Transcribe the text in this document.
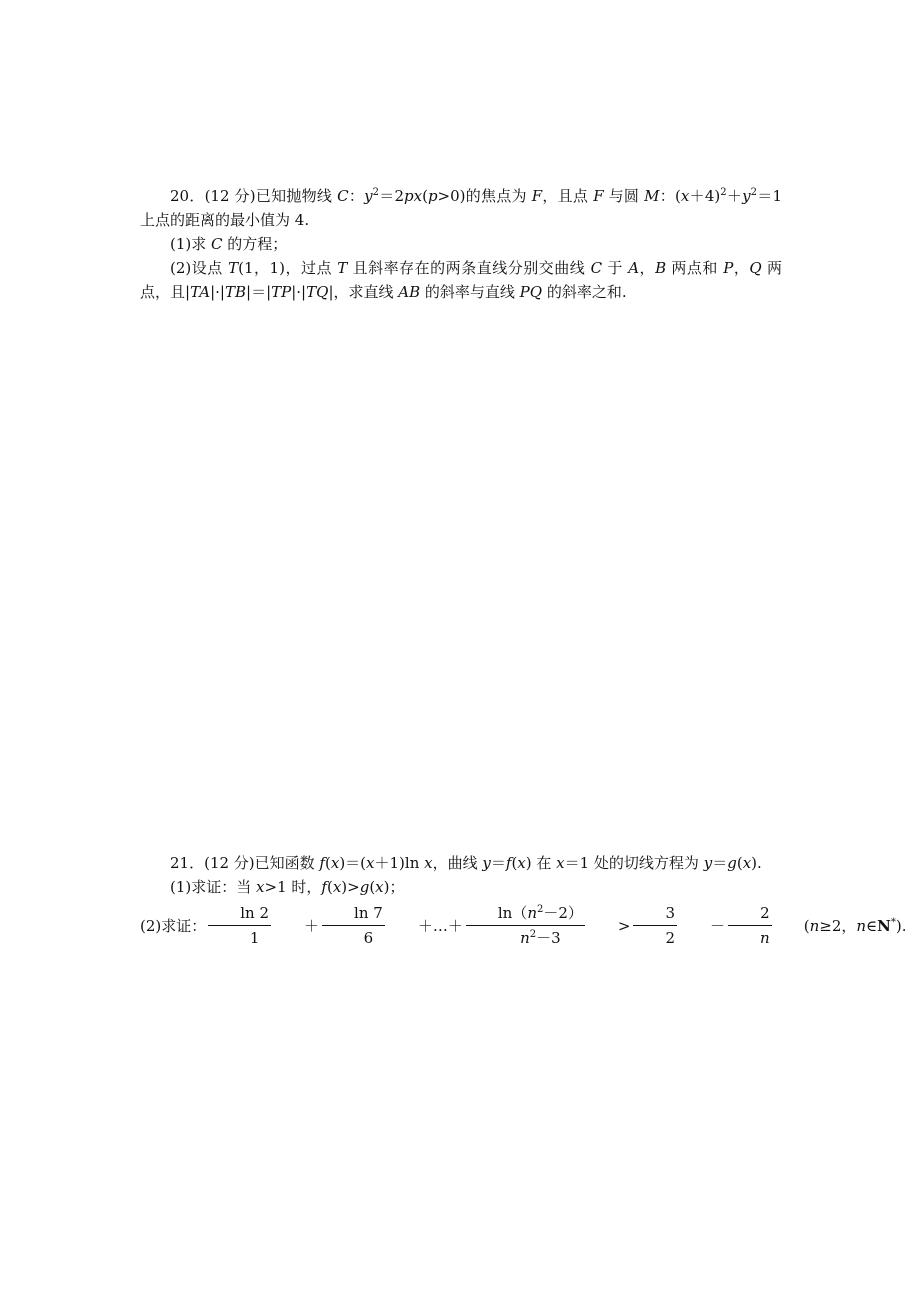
20．(12 分)已知抛物线 C：$y^2=2px(p>0)$的焦点为 F，且点 F 与圆 M：$(x+4)^2+y^2=1$ 上点的距离的最小值为 4.
(1)求 C 的方程；
(2)设点 T(1，1)，过点 T 且斜率存在的两条直线分别交曲线 C 于 A，B 两点和 P，Q 两点，且|TA|·|TB|＝|TP|·|TQ|，求直线 AB 的斜率与直线 PQ 的斜率之和.
21．(12 分)已知函数 f(x)＝(x＋1)ln x，曲线 y＝f(x) 在 x＝1 处的切线方程为 y＝g(x).
(1)求证：当 x>1 时，f(x)>g(x)；
(2)求证： $\frac{\ln 2}{1}$	＋ $\frac{\ln 7}{6}$	＋…＋ $\frac{\ln(n^2-2)}{n^2-3}$	> $\frac{3}{2}$	－ $\frac{2}{n}$	(n≥2，n∈N*).
